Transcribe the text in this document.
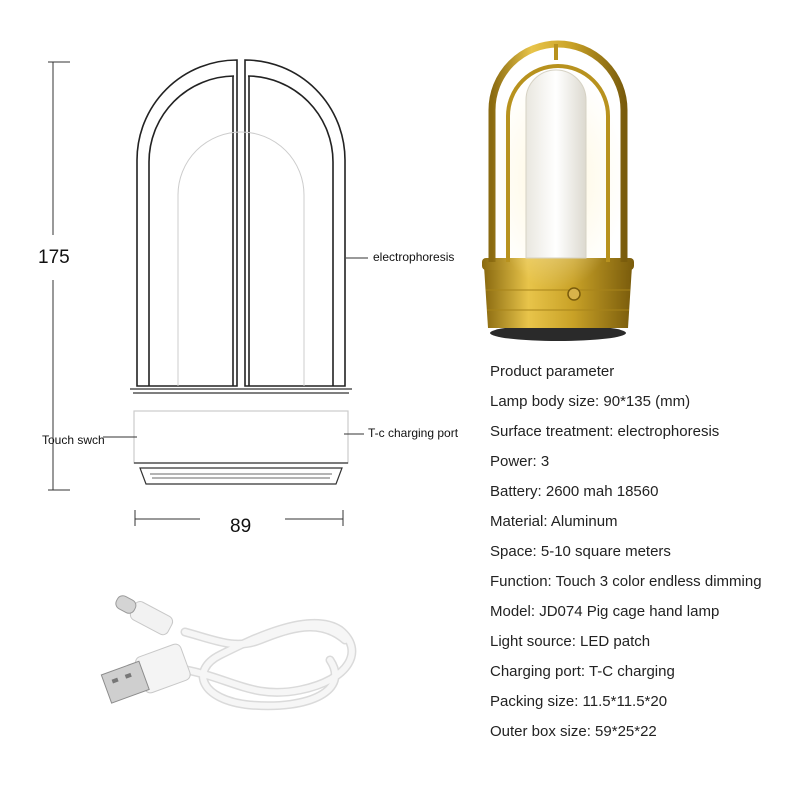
175
89
electrophoresis
Touch swch	T-c charging port
Product parameter
Lamp body size: 90*135 (mm)
Surface treatment: electrophoresis
Power: 3
Battery: 2600 mah 18560
Material: Aluminum
Space: 5-10 square meters
Function: Touch 3 color endless dimming
Model: JD074 Pig cage hand lamp
Light source: LED patch
Charging port: T-C charging
Packing size: 11.5*11.5*20
Outer box size: 59*25*22
